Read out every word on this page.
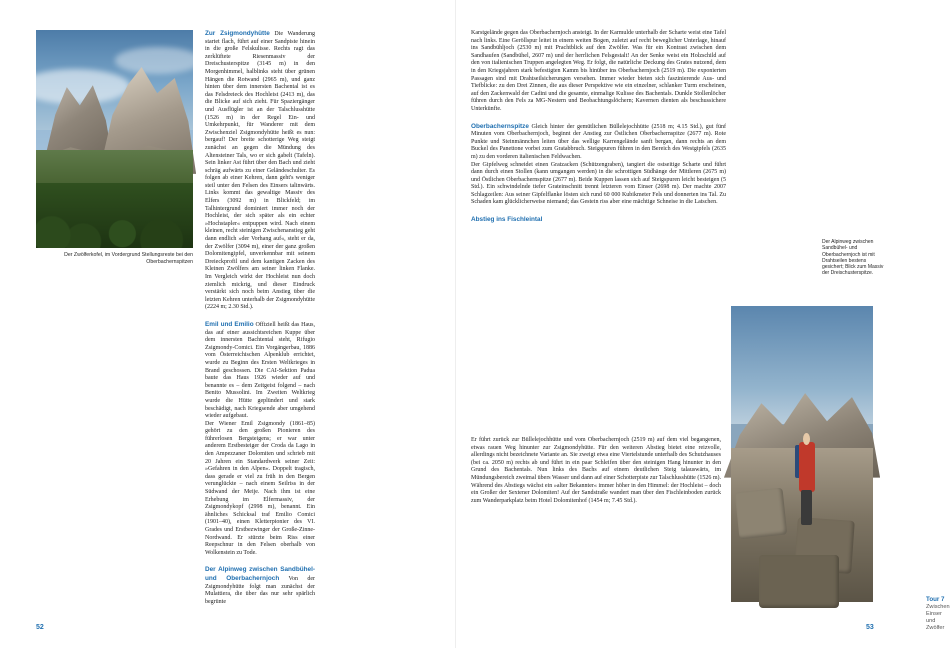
Der Zwölferkofel, im Vordergrund Stellungsreste bei den Oberbachernspitzen

Zur Zsigmondyhütte Die Wanderung startet flach, führt auf einer Sandpiste hinein in die große Felskulisse. Rechts ragt das zerklüftete Riesenmassiv der Dreischusterspitze (3145 m) in den Morgenhimmel, halblinks steht über grünen Hängen die Rotwand (2965 m), und ganz hinten über dem innersten Bachental ist es das Felsdreieck des Hochleist (2413 m), das die Blicke auf sich zieht. Für Spaziergänger und Ausflügler ist an der Talschlusshütte (1526 m) in der Regel Ein- und Umkehrpunkt, für Wanderer mit dem Zwischenziel Zsigmondyhütte heißt es nun: bergauf! Der breite schotterige Weg steigt zunächst an gegen die Mündung des Altensteiner Tals, wo er sich gabelt (Tafeln). Sein linker Ast führt über den Bach und zieht schräg aufwärts zu einer Geländeschulter. Es folgen ab einer Kehren, dann geht's weniger steil unter den Felsen des Einsers talinwärts. Links kommt das gewaltige Massiv des Elfers (3092 m) in Blickfeld; im Talhintergrund dominiert immer noch der Hochleist, der sich später als ein echter »Hochstapler« entpuppen wird. Nach einem kleinen, recht steinigen Zwischenanstieg geht dann endlich »der Vorhang auf«, steht er da, der Zwölfer (3094 m), einer der ganz großen Dolomitengipfel, unverkennbar mit seinem Dreieckprofil und dem kantigen Zacken des Kleinen Zwölfers am seiner linken Flanke. Im Vergleich wirkt der Hochleist nun doch ziemlich mickrig, und dieser Eindruck verstärkt sich noch beim Anstieg über die letzten Kehren unterhalb der Zsigmondyhütte (2224 m; 2.30 Std.).

Emil und Emilio Offiziell heißt das Haus, das auf einer aussichtsreichen Kuppe über dem innersten Bachtental steht, Rifugio Zsigmondy-Comici. Ein Vorgängerbau, 1886 vom Österreichischen Alpenklub errichtet, wurde zu Beginn des Ersten Weltkrieges in Brand geschossen. Die CAI-Sektion Padua baute das Haus 1926 wieder auf und benannte es – dem Zeitgeist folgend – nach Benito Mussolini. Im Zweiten Weltkrieg wurde die Hütte geplündert und stark beschädigt, nach Kriegsende aber umgehend wieder aufgebaut.

Der Wiener Emil Zsigmondy (1861–85) gehört zu den großen Pionieren des führerlosen Bergsteigens; er war unter anderem Erstbesteiger der Croda da Lago in den Ampezzaner Dolomiten und schrieb mit 20 Jahren ein Standardwerk seiner Zeit: »Gefahren in den Alpen«. Doppelt tragisch, dass gerade er viel zu früh in den Bergen verunglückte – nach einem Seilriss in der Südwand der Meije. Nach ihm ist eine Erhebung im Elfermassiv, der Zsigmondykopf (2998 m), benannt. Ein ähnliches Schicksal traf Emilio Comici (1901–40), einen Kletterpionier des VI. Grades und Erstbezwinger der Große-Zinne-Nordwand. Er stürzte beim Riss einer Reepschnur in den Felsen oberhalb von Wolkenstein zu Tode.

Der Alpinweg zwischen Sandbühel- und Oberbachernjoch Von der Zsigmondyhütte folgt man zunächst der Mulattiera, die über das nur sehr spärlich begrünte

52

Karstgelände gegen das Oberbachernjoch ansteigt. In der Karmulde unterhalb der Scharte weist eine Tafel nach links. Eine Geröllspur leitet in einem weiten Bogen, zuletzt auf recht beweglicher Unterlage, hinauf ins Sandbühljoch (2530 m) mit Prachtblick auf den Zwölfer. Was für ein Kontrast zwischen dem Sandhaufen (Sandbühel, 2607 m) und der herrlichen Felsgestalt! An der Senke weist ein Holzschild auf den von italienischen Truppen angelegten Weg. Er folgt, die natürliche Deckung des Grates nutzend, dem in den Kriegsjahren stark befestigten Kamm bis hinüber ins Oberbachernjoch (2519 m). Die exponierten Passagen sind mit Drahtseilsicherungen versehen. Immer wieder bieten sich faszinierende Aus- und Tiefblicke: zu den Drei Zinnen, die aus dieser Perspektive wie ein einzelner, schlanker Turm erscheinen, auf den Zackenwald der Cadini und die gesamte, einmalige Kulisse des Bachentals. Dunkle Stollenlöcher führen durch den Fels za MG-Nestern und Beobachtungslöchern; Kavernen dienten als beschussichere Unterkünfte.

Oberbachernspitze Gleich hinter der gemütlichen Büllelejochhütte (2518 m; 4.15 Std.), gut fünf Minuten vom Oberbachernjoch, beginnt der Anstieg zur Östlichen Oberbachernspitze (2677 m). Rote Punkte und Steinmännchen leiten über das wellige Karrengelände sanft bergan, dann rechts an dem Buckel des Panettone vorbei zum Gratabbruch. Steigspuren führen in den Bereich des Westgipfels (2635 m) zu den vorderen italienischen Feldwachen.

Der Gipfelweg schneidet einen Gratzacken (Schützengraben), tangiert die ostseitige Scharte und führt dann durch einen Stollen (kann umgangen werden) in die schrottigen Südhänge der Mittleren (2675 m) und Östlichen Oberbachernspitze (2677 m). Beide Kuppen lassen sich auf Steigspuren leicht besteigen (5 Std.). Ein schwindelnde tiefer Grateinschnitt trennt letzteren vom Einser (2698 m). Der machte 2007 Schlagzeilen: Aus seiner Gipfelflanke lösten sich rund 60 000 Kubikmeter Fels und donnerten ins Tal. Zu Schaden kam glücklicherweise niemand; das Gestein riss aber eine mächtige Schneise in die Latschen.

Abstieg ins Fischleintal

Er führt zurück zur Büllelejochhütte und vom Oberbachernjoch (2519 m) auf dem viel begangenen, etwas rauen Weg hinunter zur Zsigmondyhütte. Für den weiteren Abstieg bietet eine reizvolle, allerdings nicht bezeichnete Variante an. Sie zweigt etwa eine Viertelstunde unterhalb des Schutzhauses (bei ca. 2050 m) rechts ab und führt in ein paar Schleifen über den steinigen Hang hinunter in den Grund des Bachentals. Nun links des Bachs auf einem deutlichen Steig talauswärts, im Mündungsbereich zweimal übers Wasser und dann auf einer Schotterpiste zur Talschlusshütte (1526 m). Während des Abstiegs wächst ein »alter Bekannter« immer höher in den Himmel: der Hochleist – doch ein Großer der Sextener Dolomiten! Auf der Sandstraße wandert man über den Fischleinboden zurück zum Wanderparkplatz beim Hotel Dolomitenhof (1454 m; 7.45 Std.).

Tour 7 Zwischen Einser und Zwölfer
53
Der Alpinweg zwischen Sandbühel- und Oberbachernjoch ist mit Drahtseilen bestens gesichert; Blick zum Massiv der Dreischusterspitze.
